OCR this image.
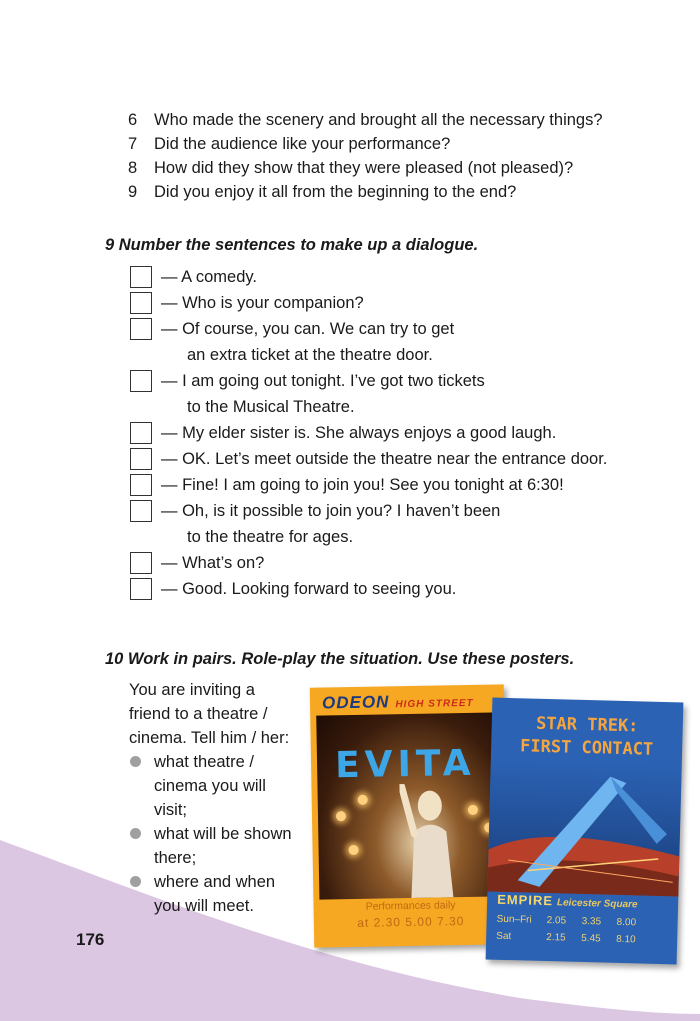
6	Who made the scenery and brought all the necessary things?
7	Did the audience like your performance?
8	How did they show that they were pleased (not pleased)?
9	Did you enjoy it all from the beginning to the end?
9 Number the sentences to make up a dialogue.
— A comedy.
— Who is your companion?
— Of course, you can. We can try to get
an extra ticket at the theatre door.
— I am going out tonight. I’ve got two tickets
to the Musical Theatre.
— My elder sister is. She always enjoys a good laugh.
— OK. Let’s meet outside the theatre near the entrance door.
— Fine! I am going to join you! See you tonight at 6:30!
— Oh, is it possible to join you? I haven’t been
to the theatre for ages.
— What’s on?
— Good. Looking forward to seeing you.
10 Work in pairs. Role-play the situation. Use these posters.
You are inviting a
friend to a theatre /
cinema. Tell him / her:
what theatre /
cinema you will
visit;
what will be shown
there;
where and when
you will meet.
ODEON HIGH STREET
EVITA
Performances daily
at 2.30 5.00 7.30
STAR TREK:
FIRST CONTACT
EMPIRE Leicester Square
Sun–Fri	2.05	3.35	8.00
Sat	2.15	5.45	8.10
176
